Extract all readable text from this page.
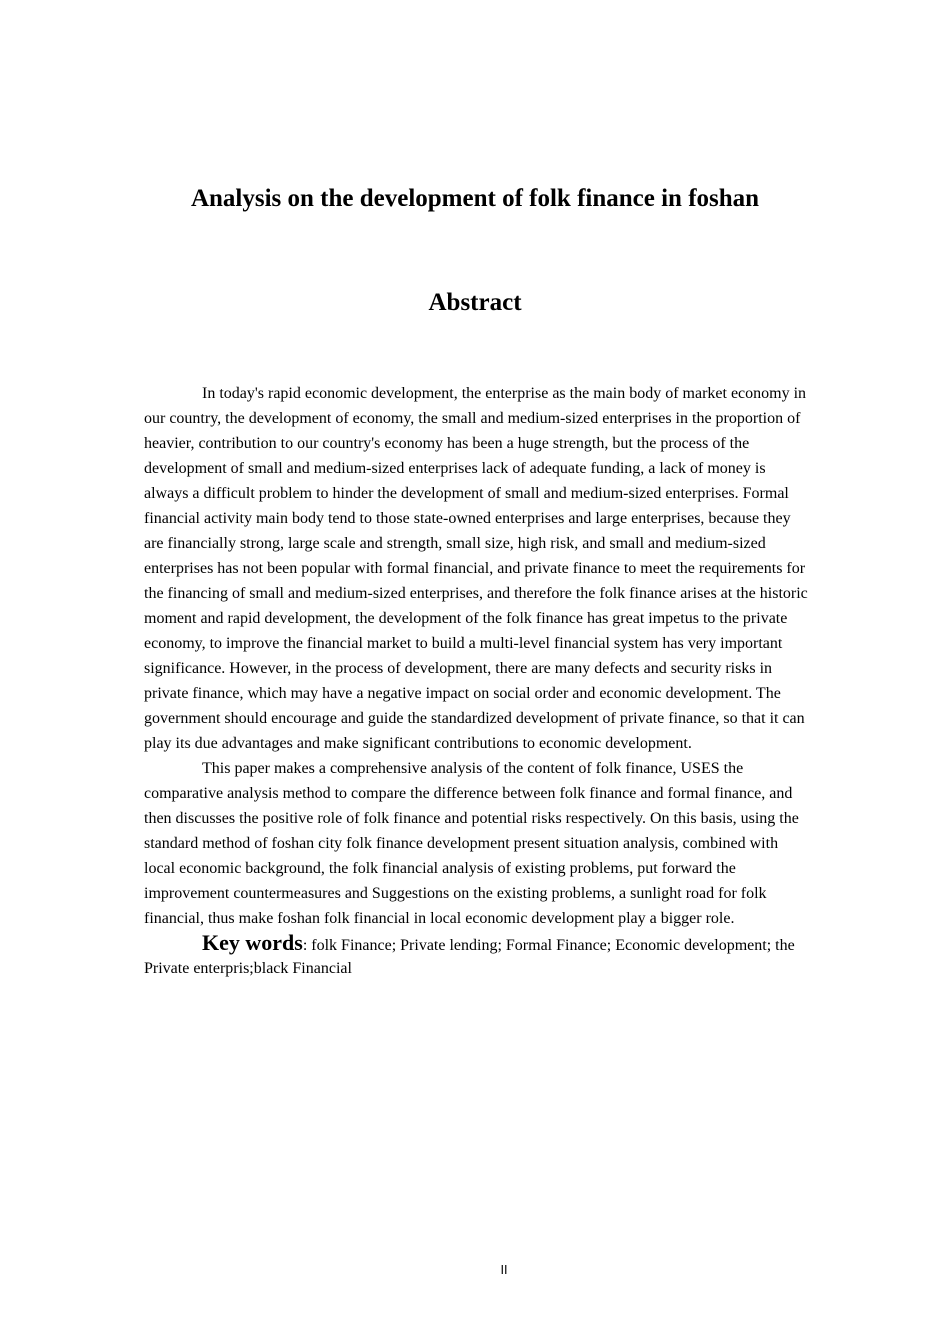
Analysis on the development of folk finance in foshan
Abstract

In today's rapid economic development, the enterprise as the main body of market economy in our country, the development of economy, the small and medium-sized enterprises in the proportion of heavier, contribution to our country's economy has been a huge strength, but the process of the development of small and medium-sized enterprises lack of adequate funding, a lack of money is always a difficult problem to hinder the development of small and medium-sized enterprises. Formal financial activity main body tend to those state-owned enterprises and large enterprises, because they are financially strong, large scale and strength, small size, high risk, and small and medium-sized enterprises has not been popular with formal financial, and private finance to meet the requirements for the financing of small and medium-sized enterprises, and therefore the folk finance arises at the historic moment and rapid development, the development of the folk finance has great impetus to the private economy, to improve the financial market to build a multi-level financial system has very important significance. However, in the process of development, there are many defects and security risks in private finance, which may have a negative impact on social order and economic development. The government should encourage and guide the standardized development of private finance, so that it can play its due advantages and make significant contributions to economic development.

This paper makes a comprehensive analysis of the content of folk finance, USES the comparative analysis method to compare the difference between folk finance and formal finance, and then discusses the positive role of folk finance and potential risks respectively. On this basis, using the standard method of foshan city folk finance development present situation analysis, combined with local economic background, the folk financial analysis of existing problems, put forward the improvement countermeasures and Suggestions on the existing problems, a sunlight road for folk financial, thus make foshan folk financial in local economic development play a bigger role.

Key words: folk Finance; Private lending; Formal Finance; Economic development; the Private enterpris;black Financial

II
